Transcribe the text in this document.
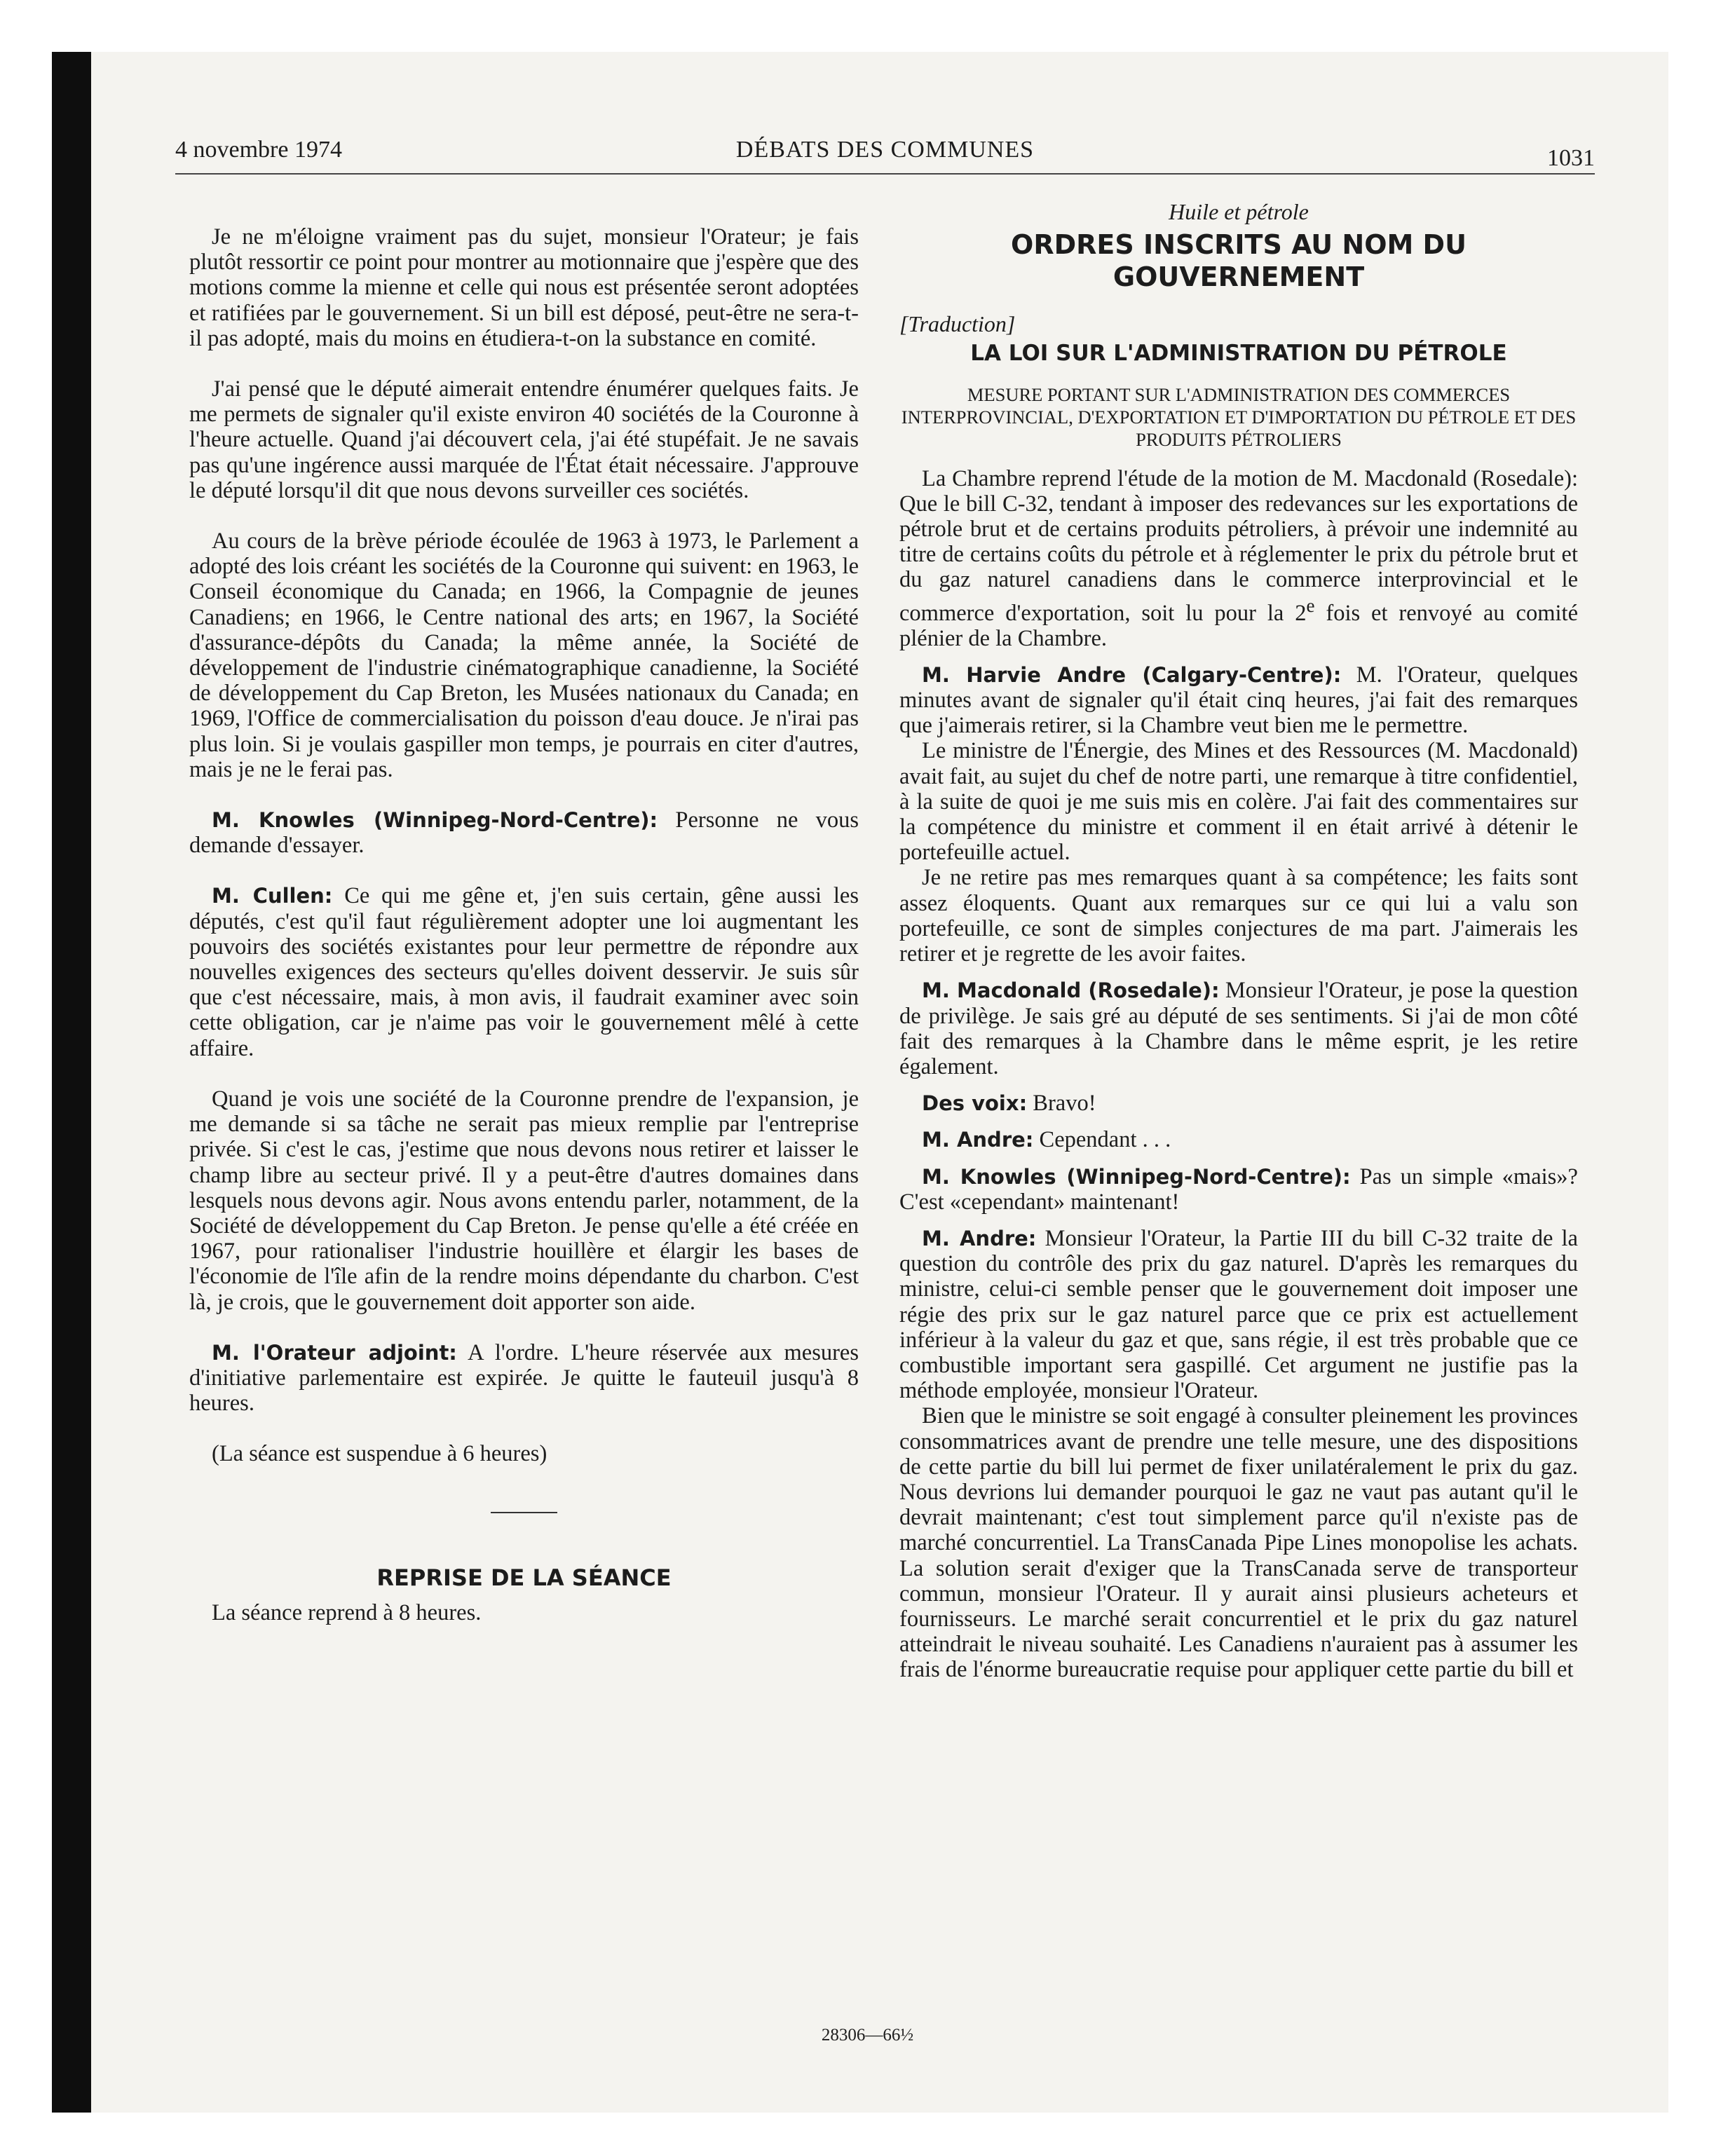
4 novembre 1974	DÉBATS DES COMMUNES	1031

Je ne m'éloigne vraiment pas du sujet, monsieur l'Orateur; je fais plutôt ressortir ce point pour montrer au motionnaire que j'espère que des motions comme la mienne et celle qui nous est présentée seront adoptées et ratifiées par le gouvernement. Si un bill est déposé, peut-être ne sera-t-il pas adopté, mais du moins en étudiera-t-on la substance en comité.

J'ai pensé que le député aimerait entendre énumérer quelques faits. Je me permets de signaler qu'il existe environ 40 sociétés de la Couronne à l'heure actuelle. Quand j'ai découvert cela, j'ai été stupéfait. Je ne savais pas qu'une ingérence aussi marquée de l'État était nécessaire. J'approuve le député lorsqu'il dit que nous devons surveiller ces sociétés.

Au cours de la brève période écoulée de 1963 à 1973, le Parlement a adopté des lois créant les sociétés de la Couronne qui suivent: en 1963, le Conseil économique du Canada; en 1966, la Compagnie de jeunes Canadiens; en 1966, le Centre national des arts; en 1967, la Société d'assurance-dépôts du Canada; la même année, la Société de développement de l'industrie cinématographique canadienne, la Société de développement du Cap Breton, les Musées nationaux du Canada; en 1969, l'Office de commercialisation du poisson d'eau douce. Je n'irai pas plus loin. Si je voulais gaspiller mon temps, je pourrais en citer d'autres, mais je ne le ferai pas.

M. Knowles (Winnipeg-Nord-Centre): Personne ne vous demande d'essayer.

M. Cullen: Ce qui me gêne et, j'en suis certain, gêne aussi les députés, c'est qu'il faut régulièrement adopter une loi augmentant les pouvoirs des sociétés existantes pour leur permettre de répondre aux nouvelles exigences des secteurs qu'elles doivent desservir. Je suis sûr que c'est nécessaire, mais, à mon avis, il faudrait examiner avec soin cette obligation, car je n'aime pas voir le gouvernement mêlé à cette affaire.

Quand je vois une société de la Couronne prendre de l'expansion, je me demande si sa tâche ne serait pas mieux remplie par l'entreprise privée. Si c'est le cas, j'estime que nous devons nous retirer et laisser le champ libre au secteur privé. Il y a peut-être d'autres domaines dans lesquels nous devons agir. Nous avons entendu parler, notamment, de la Société de développement du Cap Breton. Je pense qu'elle a été créée en 1967, pour rationaliser l'industrie houillère et élargir les bases de l'économie de l'île afin de la rendre moins dépendante du charbon. C'est là, je crois, que le gouvernement doit apporter son aide.

M. l'Orateur adjoint: A l'ordre. L'heure réservée aux mesures d'initiative parlementaire est expirée. Je quitte le fauteuil jusqu'à 8 heures.

(La séance est suspendue à 6 heures)

REPRISE DE LA SÉANCE

La séance reprend à 8 heures.

Huile et pétrole
ORDRES INSCRITS AU NOM DU GOUVERNEMENT
[Traduction]
LA LOI SUR L'ADMINISTRATION DU PÉTROLE
MESURE PORTANT SUR L'ADMINISTRATION DES COMMERCES INTERPROVINCIAL, D'EXPORTATION ET D'IMPORTATION DU PÉTROLE ET DES PRODUITS PÉTROLIERS

La Chambre reprend l'étude de la motion de M. Macdonald (Rosedale): Que le bill C-32, tendant à imposer des redevances sur les exportations de pétrole brut et de certains produits pétroliers, à prévoir une indemnité au titre de certains coûts du pétrole et à réglementer le prix du pétrole brut et du gaz naturel canadiens dans le commerce interprovincial et le commerce d'exportation, soit lu pour la 2e fois et renvoyé au comité plénier de la Chambre.

M. Harvie Andre (Calgary-Centre): M. l'Orateur, quelques minutes avant de signaler qu'il était cinq heures, j'ai fait des remarques que j'aimerais retirer, si la Chambre veut bien me le permettre.

Le ministre de l'Énergie, des Mines et des Ressources (M. Macdonald) avait fait, au sujet du chef de notre parti, une remarque à titre confidentiel, à la suite de quoi je me suis mis en colère. J'ai fait des commentaires sur la compétence du ministre et comment il en était arrivé à détenir le portefeuille actuel.

Je ne retire pas mes remarques quant à sa compétence; les faits sont assez éloquents. Quant aux remarques sur ce qui lui a valu son portefeuille, ce sont de simples conjectures de ma part. J'aimerais les retirer et je regrette de les avoir faites.

M. Macdonald (Rosedale): Monsieur l'Orateur, je pose la question de privilège. Je sais gré au député de ses sentiments. Si j'ai de mon côté fait des remarques à la Chambre dans le même esprit, je les retire également.

Des voix: Bravo!

M. Andre: Cependant . . .

M. Knowles (Winnipeg-Nord-Centre): Pas un simple «mais»? C'est «cependant» maintenant!

M. Andre: Monsieur l'Orateur, la Partie III du bill C-32 traite de la question du contrôle des prix du gaz naturel. D'après les remarques du ministre, celui-ci semble penser que le gouvernement doit imposer une régie des prix sur le gaz naturel parce que ce prix est actuellement inférieur à la valeur du gaz et que, sans régie, il est très probable que ce combustible important sera gaspillé. Cet argument ne justifie pas la méthode employée, monsieur l'Orateur.

Bien que le ministre se soit engagé à consulter pleinement les provinces consommatrices avant de prendre une telle mesure, une des dispositions de cette partie du bill lui permet de fixer unilatéralement le prix du gaz. Nous devrions lui demander pourquoi le gaz ne vaut pas autant qu'il le devrait maintenant; c'est tout simplement parce qu'il n'existe pas de marché concurrentiel. La TransCanada Pipe Lines monopolise les achats. La solution serait d'exiger que la TransCanada serve de transporteur commun, monsieur l'Orateur. Il y aurait ainsi plusieurs acheteurs et fournisseurs. Le marché serait concurrentiel et le prix du gaz naturel atteindrait le niveau souhaité. Les Canadiens n'auraient pas à assumer les frais de l'énorme bureaucratie requise pour appliquer cette partie du bill et

28306—66½
